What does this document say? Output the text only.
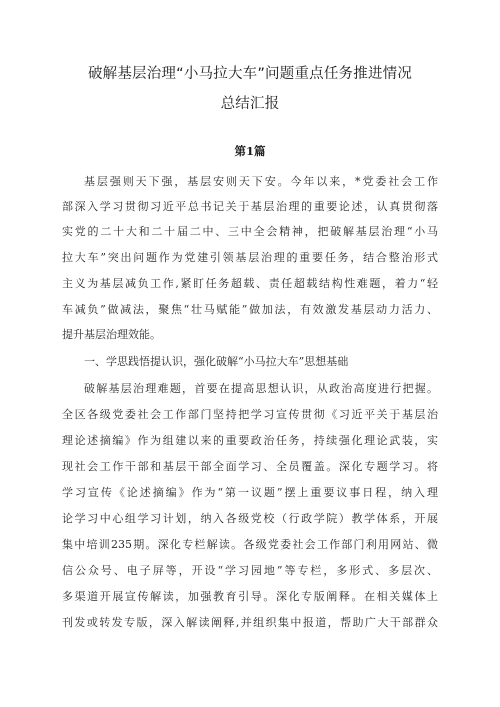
破解基层治理“小马拉大车”问题重点任务推进情况
总结汇报
第1篇
基层强则天下强，基层安则天下安。今年以来，*党委社会工作
部深入学习贯彻习近平总书记关于基层治理的重要论述，认真贯彻落
实党的二十大和二十届二中、三中全会精神，把破解基层治理“小马
拉大车”突出问题作为党建引领基层治理的重要任务，结合整治形式
主义为基层减负工作,紧盯任务超载、责任超载结构性难题，着力“轻
车减负”做减法，聚焦“壮马赋能”做加法，有效激发基层动力活力、
提升基层治理效能。
一、学思践悟提认识，强化破解“小马拉大车”思想基础
破解基层治理难题，首要在提高思想认识，从政治高度进行把握。
全区各级党委社会工作部门坚持把学习宣传贯彻《习近平关于基层治
理论述摘编》作为组建以来的重要政治任务，持续强化理论武装，实
现社会工作干部和基层干部全面学习、全员覆盖。深化专题学习。将
学习宣传《论述摘编》作为“第一议题”摆上重要议事日程，纳入理
论学习中心组学习计划，纳入各级党校（行政学院）教学体系，开展
集中培训235期。深化专栏解读。各级党委社会工作部门利用网站、微
信公众号、电子屏等，开设“学习园地”等专栏，多形式、多层次、
多渠道开展宣传解读，加强教育引导。深化专版阐释。在相关媒体上
刊发或转发专版，深入解读阐释,并组织集中报道，帮助广大干部群众
